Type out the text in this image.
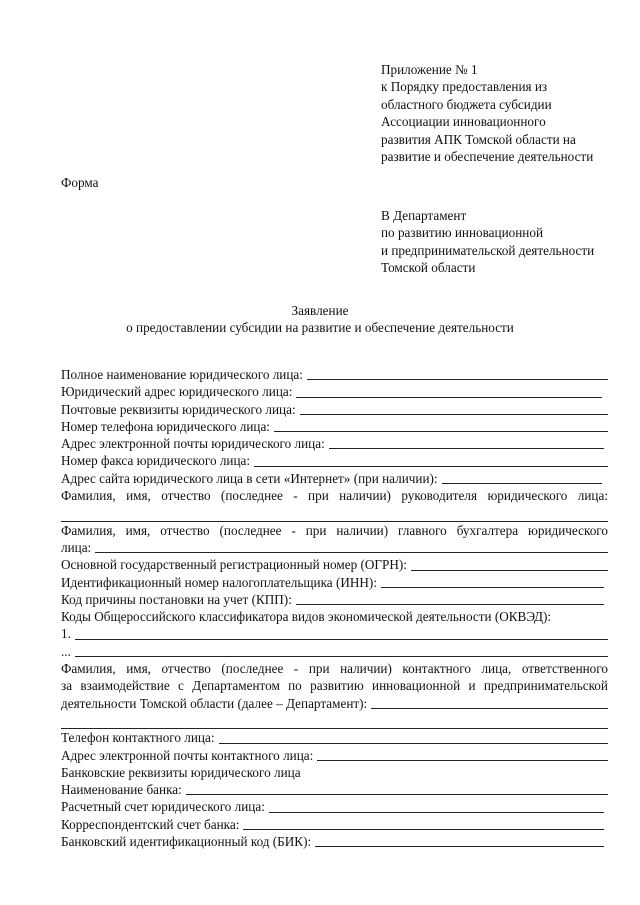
Приложение № 1
к Порядку предоставления из
областного бюджета субсидии
Ассоциации инновационного
развития АПК Томской области на
развитие и обеспечение деятельности
Форма
В Департамент
по развитию инновационной
и предпринимательской деятельности
Томской области
Заявление
о предоставлении субсидии на развитие и обеспечение деятельности
Полное наименование юридического лица:
Юридический адрес юридического лица:
Почтовые реквизиты юридического лица:
Номер телефона юридического лица:
Адрес электронной почты юридического лица:
Номер факса юридического лица:
Адрес сайта юридического лица в сети «Интернет» (при наличии):
Фамилия, имя, отчество (последнее - при наличии) руководителя юридического лица:
Фамилия, имя, отчество (последнее - при наличии) главного бухгалтера юридического
лица:
Основной государственный регистрационный номер (ОГРН):
Идентификационный номер налогоплательщика (ИНН):
Код причины постановки на учет (КПП):
Коды Общероссийского классификатора видов экономической деятельности (ОКВЭД):
1.
...
Фамилия, имя, отчество (последнее - при наличии) контактного лица, ответственного
за взаимодействие с Департаментом по развитию инновационной и предпринимательской
деятельности Томской области (далее – Департамент):
Телефон контактного лица:
Адрес электронной почты контактного лица:
Банковские реквизиты юридического лица
Наименование банка:
Расчетный счет юридического лица:
Корреспондентский счет банка:
Банковский идентификационный код (БИК):
